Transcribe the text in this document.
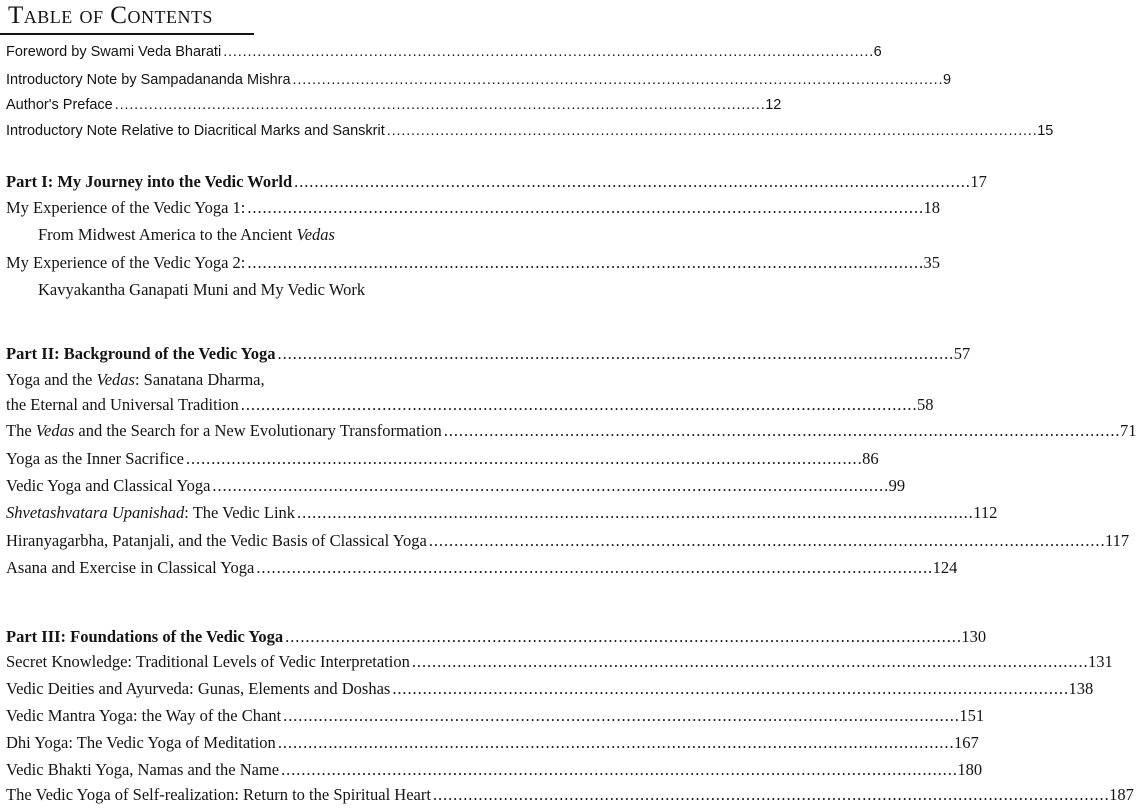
Table of Contents
Foreword by Swami Veda Bharati . . .	6
Introductory Note by Sampadananda Mishra . . .	9
Author's Preface . . .	12
Introductory Note Relative to Diacritical Marks and Sanskrit . . .	15
Part I: My Journey into the Vedic World . . .	17
My Experience of the Vedic Yoga 1: . . .	18
From Midwest America to the Ancient Vedas
My Experience of the Vedic Yoga 2: . . .	35
Kavyakantha Ganapati Muni and My Vedic Work
Part II: Background of the Vedic Yoga . . .	57
Yoga and the Vedas: Sanatana Dharma,
the Eternal and Universal Tradition . . .	58
The Vedas and the Search for a New Evolutionary Transformation . . .	71
Yoga as the Inner Sacrifice . . .	86
Vedic Yoga and Classical Yoga . . .	99
Shvetashvatara Upanishad: The Vedic Link . . .	112
Hiranyagarbha, Patanjali, and the Vedic Basis of Classical Yoga . . .	117
Asana and Exercise in Classical Yoga . . .	124
Part III: Foundations of the Vedic Yoga . . .	130
Secret Knowledge: Traditional Levels of Vedic Interpretation . . .	131
Vedic Deities and Ayurveda: Gunas, Elements and Doshas . . .	138
Vedic Mantra Yoga: the Way of the Chant . . .	151
Dhi Yoga: The Vedic Yoga of Meditation . . .	167
Vedic Bhakti Yoga, Namas and the Name . . .	180
The Vedic Yoga of Self-realization: Return to the Spiritual Heart . . .	187
